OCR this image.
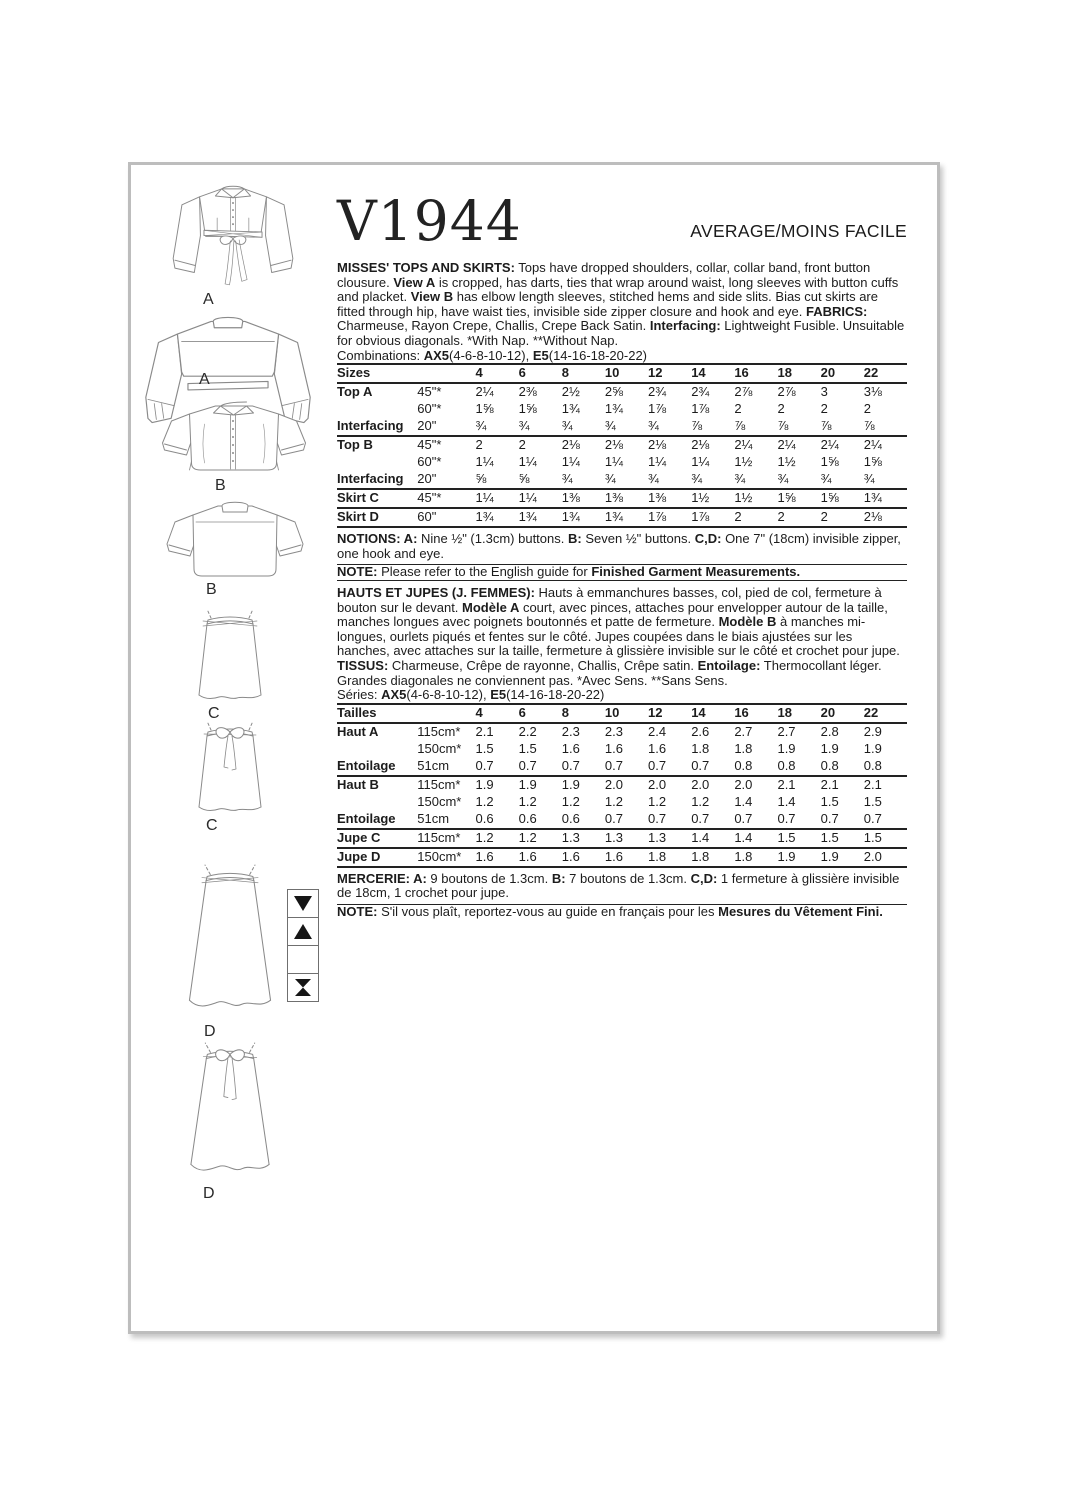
A
A
B
B
C
C
D
D
V1944	AVERAGE/MOINS FACILE

MISSES' TOPS AND SKIRTS: Tops have dropped shoulders, collar, collar band, front button clousure. View A is cropped, has darts, ties that wrap around waist, long sleeves with button cuffs and placket. View B has elbow length sleeves, stitched hems and side slits. Bias cut skirts are fitted through hip, have waist ties, invisible side zipper closure and hook and eye. FABRICS: Charmeuse, Rayon Crepe, Challis, Crepe Back Satin. Interfacing: Lightweight Fusible. Unsuitable for obvious diagonals. *With Nap. **Without Nap.

Combinations: AX5(4-6-8-10-12), E5(14-16-18-20-22)

Sizes		4	6	8	10	12	14	16	18	20	22
Top A	45"*	2¼	2⅜	2½	2⅝	2¾	2¾	2⅞	2⅞	3	3⅛
	60"*	1⅝	1⅝	1¾	1¾	1⅞	1⅞	2	2	2	2
Interfacing	20"	¾	¾	¾	¾	¾	⅞	⅞	⅞	⅞	⅞
Top B	45"*	2	2	2⅛	2⅛	2⅛	2⅛	2¼	2¼	2¼	2¼
	60"*	1¼	1¼	1¼	1¼	1¼	1¼	1½	1½	1⅝	1⅝
Interfacing	20"	⅝	⅝	¾	¾	¾	¾	¾	¾	¾	¾
Skirt C	45"*	1¼	1¼	1⅜	1⅜	1⅜	1½	1½	1⅝	1⅝	1¾
Skirt D	60"	1¾	1¾	1¾	1¾	1⅞	1⅞	2	2	2	2⅛

NOTIONS: A: Nine ½" (1.3cm) buttons. B: Seven ½" buttons. C,D: One 7" (18cm) invisible zipper, one hook and eye.

NOTE: Please refer to the English guide for Finished Garment Measurements.

HAUTS ET JUPES (J. FEMMES): Hauts à emmanchures basses, col, pied de col, fermeture à bouton sur le devant. Modèle A court, avec pinces, attaches pour envelopper autour de la taille, manches longues avec poignets boutonnés et patte de fermeture. Modèle B à manches mi-longues, ourlets piqués et fentes sur le côté. Jupes coupées dans le biais ajustées sur les hanches, avec attaches sur la taille, fermeture à glissière invisible sur le côté et crochet pour jupe. TISSUS: Charmeuse, Crêpe de rayonne, Challis, Crêpe satin. Entoilage: Thermocollant léger. Grandes diagonales ne conviennent pas. *Avec Sens. **Sans Sens.

Séries: AX5(4-6-8-10-12), E5(14-16-18-20-22)

Tailles		4	6	8	10	12	14	16	18	20	22
Haut A	115cm*	2.1	2.2	2.3	2.3	2.4	2.6	2.7	2.7	2.8	2.9
	150cm*	1.5	1.5	1.6	1.6	1.6	1.8	1.8	1.9	1.9	1.9
Entoilage	51cm	0.7	0.7	0.7	0.7	0.7	0.7	0.8	0.8	0.8	0.8
Haut B	115cm*	1.9	1.9	1.9	2.0	2.0	2.0	2.0	2.1	2.1	2.1
	150cm*	1.2	1.2	1.2	1.2	1.2	1.2	1.4	1.4	1.5	1.5
Entoilage	51cm	0.6	0.6	0.6	0.7	0.7	0.7	0.7	0.7	0.7	0.7
Jupe C	115cm*	1.2	1.2	1.3	1.3	1.3	1.4	1.4	1.5	1.5	1.5
Jupe D	150cm*	1.6	1.6	1.6	1.6	1.8	1.8	1.8	1.9	1.9	2.0

MERCERIE: A: 9 boutons de 1.3cm. B: 7 boutons de 1.3cm. C,D: 1 fermeture à glissière invisible de 18cm, 1 crochet pour jupe.

NOTE: S'il vous plaît, reportez-vous au guide en français pour les Mesures du Vêtement Fini.
